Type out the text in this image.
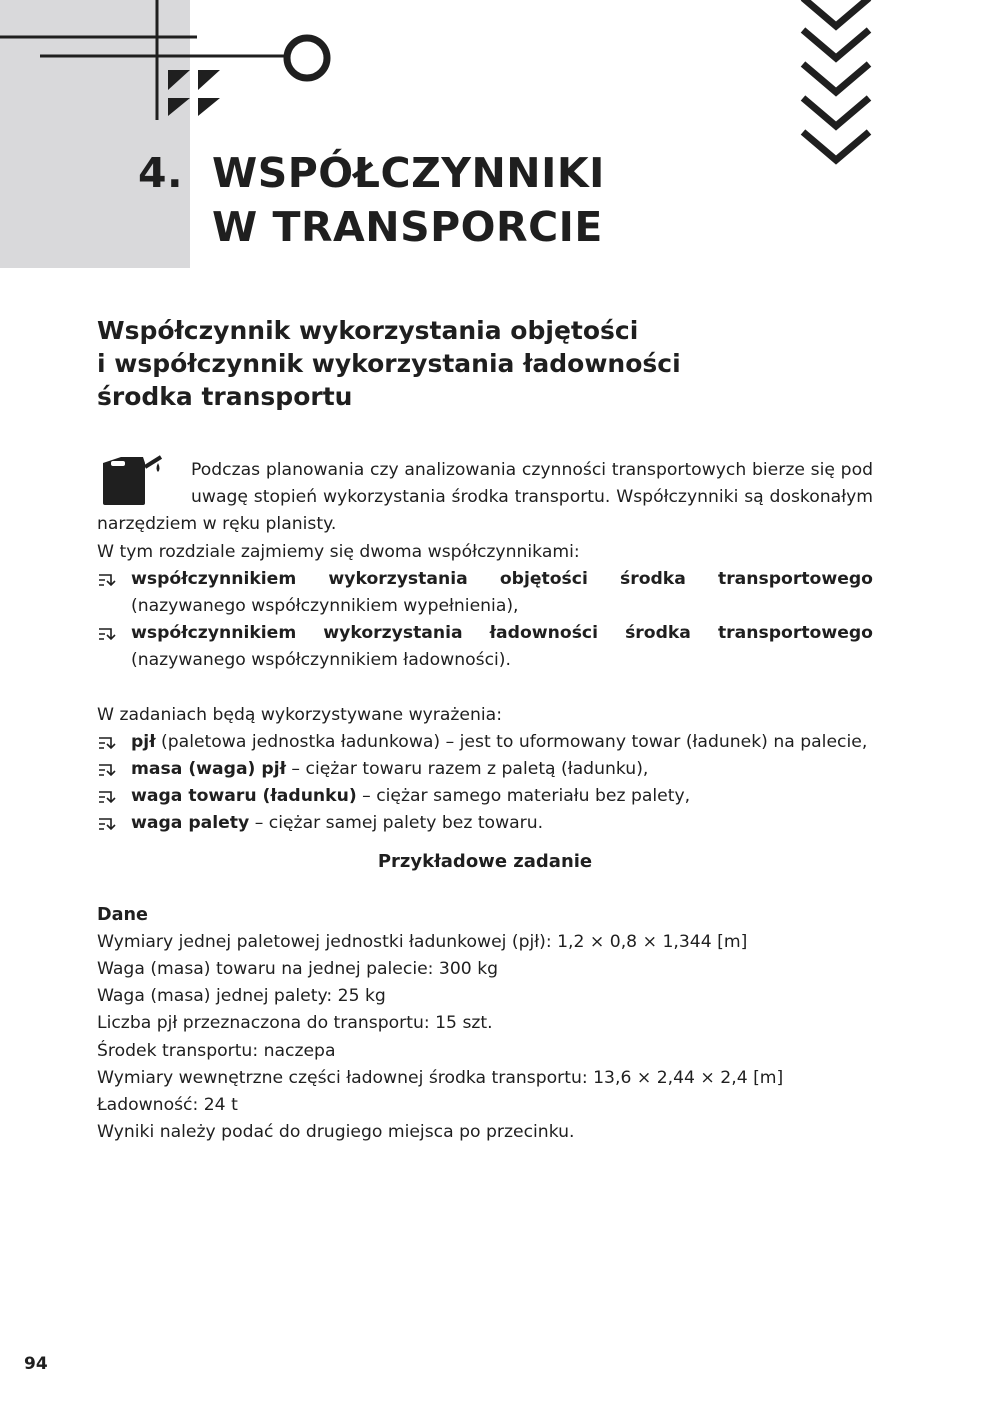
4. WSPÓŁCZYNNIKI
W TRANSPORCIE
Współczynnik wykorzystania objętości
i współczynnik wykorzystania ładowności
środka transportu

Podczas planowania czy analizowania czynności transportowych bierze się pod uwagę stopień wykorzystania środka transportu. Współczynniki są doskonałym narzędziem w ręku planisty.

W tym rozdziale zajmiemy się dwoma współczynnikami:

współczynnikiem wykorzystania objętości środka transportowego (nazywanego współczynnikiem wypełnienia),
współczynnikiem wykorzystania ładowności środka transportowego (nazywanego współczynnikiem ładowności).

W zadaniach będą wykorzystywane wyrażenia:

pjł (paletowa jednostka ładunkowa) – jest to uformowany towar (ładunek) na palecie,
masa (waga) pjł – ciężar towaru razem z paletą (ładunku),
waga towaru (ładunku) – ciężar samego materiału bez palety,
waga palety – ciężar samej palety bez towaru.

Przykładowe zadanie

Dane

Wymiary jednej paletowej jednostki ładunkowej (pjł): 1,2 × 0,8 × 1,344 [m]
Waga (masa) towaru na jednej palecie: 300 kg
Waga (masa) jednej palety: 25 kg
Liczba pjł przeznaczona do transportu: 15 szt.
Środek transportu: naczepa
Wymiary wewnętrzne części ładownej środka transportu: 13,6 × 2,44 × 2,4 [m]
Ładowność: 24 t
Wyniki należy podać do drugiego miejsca po przecinku.
94
